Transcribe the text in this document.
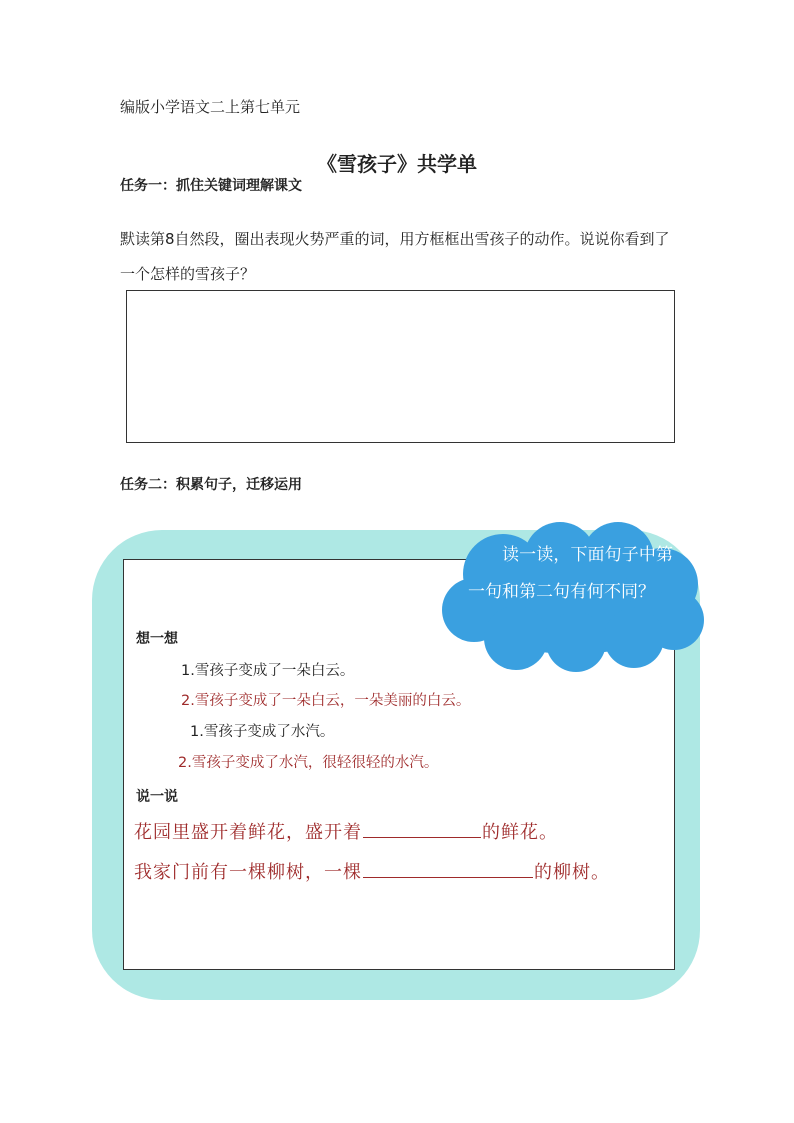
编版小学语文二上第七单元
《雪孩子》共学单
任务一：抓住关键词理解课文
默读第8自然段，圈出表现火势严重的词，用方框框出雪孩子的动作。说说你看到了一个怎样的雪孩子？
任务二：积累句子，迁移运用
读一读，下面句子中第一句和第二句有何不同？
想一想
1.雪孩子变成了一朵白云。
2.雪孩子变成了一朵白云，一朵美丽的白云。
1.雪孩子变成了水汽。
2.雪孩子变成了水汽，很轻很轻的水汽。
说一说
花园里盛开着鲜花，盛开着	的鲜花。
我家门前有一棵柳树，一棵	的柳树。
